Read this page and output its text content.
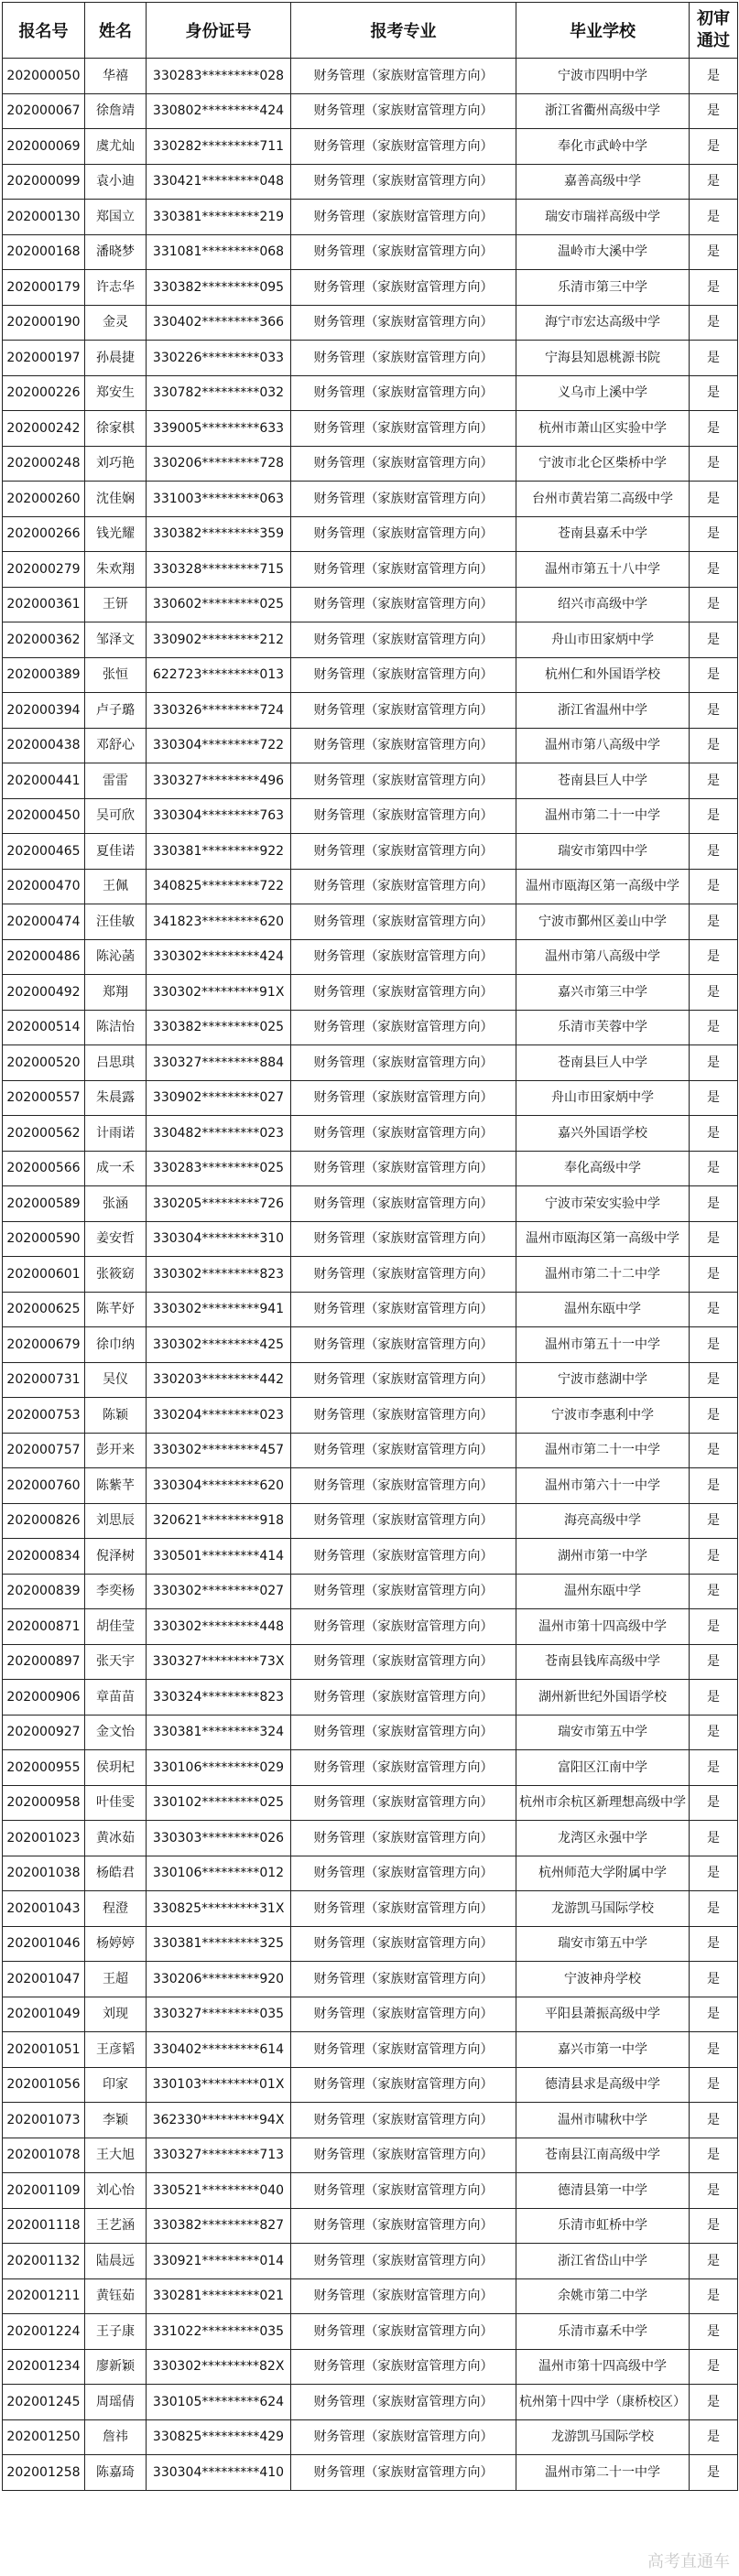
报名号	姓名	身份证号	报考专业	毕业学校	初审通过
202000050	华禧	330283*********028	财务管理（家族财富管理方向）	宁波市四明中学	是
202000067	徐詹靖	330802*********424	财务管理（家族财富管理方向）	浙江省衢州高级中学	是
202000069	虞尤灿	330282*********711	财务管理（家族财富管理方向）	奉化市武岭中学	是
202000099	袁小迪	330421*********048	财务管理（家族财富管理方向）	嘉善高级中学	是
202000130	郑国立	330381*********219	财务管理（家族财富管理方向）	瑞安市瑞祥高级中学	是
202000168	潘晓梦	331081*********068	财务管理（家族财富管理方向）	温岭市大溪中学	是
202000179	许志华	330382*********095	财务管理（家族财富管理方向）	乐清市第三中学	是
202000190	金灵	330402*********366	财务管理（家族财富管理方向）	海宁市宏达高级中学	是
202000197	孙晨捷	330226*********033	财务管理（家族财富管理方向）	宁海县知恩桃源书院	是
202000226	郑安生	330782*********032	财务管理（家族财富管理方向）	义乌市上溪中学	是
202000242	徐家棋	339005*********633	财务管理（家族财富管理方向）	杭州市萧山区实验中学	是
202000248	刘巧艳	330206*********728	财务管理（家族财富管理方向）	宁波市北仑区柴桥中学	是
202000260	沈佳娴	331003*********063	财务管理（家族财富管理方向）	台州市黄岩第二高级中学	是
202000266	钱光耀	330382*********359	财务管理（家族财富管理方向）	苍南县嘉禾中学	是
202000279	朱欢翔	330328*********715	财务管理（家族财富管理方向）	温州市第五十八中学	是
202000361	王钘	330602*********025	财务管理（家族财富管理方向）	绍兴市高级中学	是
202000362	邹泽文	330902*********212	财务管理（家族财富管理方向）	舟山市田家炳中学	是
202000389	张恒	622723*********013	财务管理（家族财富管理方向）	杭州仁和外国语学校	是
202000394	卢子璐	330326*********724	财务管理（家族财富管理方向）	浙江省温州中学	是
202000438	邓舒心	330304*********722	财务管理（家族财富管理方向）	温州市第八高级中学	是
202000441	雷雷	330327*********496	财务管理（家族财富管理方向）	苍南县巨人中学	是
202000450	吴可欣	330304*********763	财务管理（家族财富管理方向）	温州市第二十一中学	是
202000465	夏佳诺	330381*********922	财务管理（家族财富管理方向）	瑞安市第四中学	是
202000470	王佩	340825*********722	财务管理（家族财富管理方向）	温州市瓯海区第一高级中学	是
202000474	汪佳敏	341823*********620	财务管理（家族财富管理方向）	宁波市鄞州区姜山中学	是
202000486	陈沁菡	330302*********424	财务管理（家族财富管理方向）	温州市第八高级中学	是
202000492	郑翔	330302*********91X	财务管理（家族财富管理方向）	嘉兴市第三中学	是
202000514	陈洁怡	330382*********025	财务管理（家族财富管理方向）	乐清市芙蓉中学	是
202000520	吕思琪	330327*********884	财务管理（家族财富管理方向）	苍南县巨人中学	是
202000557	朱晨露	330902*********027	财务管理（家族财富管理方向）	舟山市田家炳中学	是
202000562	计雨诺	330482*********023	财务管理（家族财富管理方向）	嘉兴外国语学校	是
202000566	成一禾	330283*********025	财务管理（家族财富管理方向）	奉化高级中学	是
202000589	张涵	330205*********726	财务管理（家族财富管理方向）	宁波市荣安实验中学	是
202000590	姜安哲	330304*********310	财务管理（家族财富管理方向）	温州市瓯海区第一高级中学	是
202000601	张筱窈	330302*********823	财务管理（家族财富管理方向）	温州市第二十二中学	是
202000625	陈芊妤	330302*********941	财务管理（家族财富管理方向）	温州东瓯中学	是
202000679	徐巾纳	330302*********425	财务管理（家族财富管理方向）	温州市第五十一中学	是
202000731	吴仪	330203*********442	财务管理（家族财富管理方向）	宁波市慈湖中学	是
202000753	陈颖	330204*********023	财务管理（家族财富管理方向）	宁波市李惠利中学	是
202000757	彭开来	330302*********457	财务管理（家族财富管理方向）	温州市第二十一中学	是
202000760	陈紫芊	330304*********620	财务管理（家族财富管理方向）	温州市第六十一中学	是
202000826	刘思辰	320621*********918	财务管理（家族财富管理方向）	海亮高级中学	是
202000834	倪泽树	330501*********414	财务管理（家族财富管理方向）	湖州市第一中学	是
202000839	李奕杨	330302*********027	财务管理（家族财富管理方向）	温州东瓯中学	是
202000871	胡佳莹	330302*********448	财务管理（家族财富管理方向）	温州市第十四高级中学	是
202000897	张天宇	330327*********73X	财务管理（家族财富管理方向）	苍南县钱库高级中学	是
202000906	章苗苗	330324*********823	财务管理（家族财富管理方向）	湖州新世纪外国语学校	是
202000927	金文怡	330381*********324	财务管理（家族财富管理方向）	瑞安市第五中学	是
202000955	侯玥杞	330106*********029	财务管理（家族财富管理方向）	富阳区江南中学	是
202000958	叶佳雯	330102*********025	财务管理（家族财富管理方向）	杭州市余杭区新理想高级中学	是
202001023	黄冰茹	330303*********026	财务管理（家族财富管理方向）	龙湾区永强中学	是
202001038	杨皓君	330106*********012	财务管理（家族财富管理方向）	杭州师范大学附属中学	是
202001043	程澄	330825*********31X	财务管理（家族财富管理方向）	龙游凯马国际学校	是
202001046	杨婷婷	330381*********325	财务管理（家族财富管理方向）	瑞安市第五中学	是
202001047	王超	330206*********920	财务管理（家族财富管理方向）	宁波神舟学校	是
202001049	刘现	330327*********035	财务管理（家族财富管理方向）	平阳县萧振高级中学	是
202001051	王彦韬	330402*********614	财务管理（家族财富管理方向）	嘉兴市第一中学	是
202001056	印家	330103*********01X	财务管理（家族财富管理方向）	德清县求是高级中学	是
202001073	李颖	362330*********94X	财务管理（家族财富管理方向）	温州市啸秋中学	是
202001078	王大旭	330327*********713	财务管理（家族财富管理方向）	苍南县江南高级中学	是
202001109	刘心怡	330521*********040	财务管理（家族财富管理方向）	德清县第一中学	是
202001118	王艺涵	330382*********827	财务管理（家族财富管理方向）	乐清市虹桥中学	是
202001132	陆晨远	330921*********014	财务管理（家族财富管理方向）	浙江省岱山中学	是
202001211	黄钰茹	330281*********021	财务管理（家族财富管理方向）	余姚市第二中学	是
202001224	王子康	331022*********035	财务管理（家族财富管理方向）	乐清市嘉禾中学	是
202001234	廖新颖	330302*********82X	财务管理（家族财富管理方向）	温州市第十四高级中学	是
202001245	周瑶倩	330105*********624	财务管理（家族财富管理方向）	杭州第十四中学（康桥校区）	是
202001250	詹祎	330825*********429	财务管理（家族财富管理方向）	龙游凯马国际学校	是
202001258	陈嘉琦	330304*********410	财务管理（家族财富管理方向）	温州市第二十一中学	是
高考直通车
